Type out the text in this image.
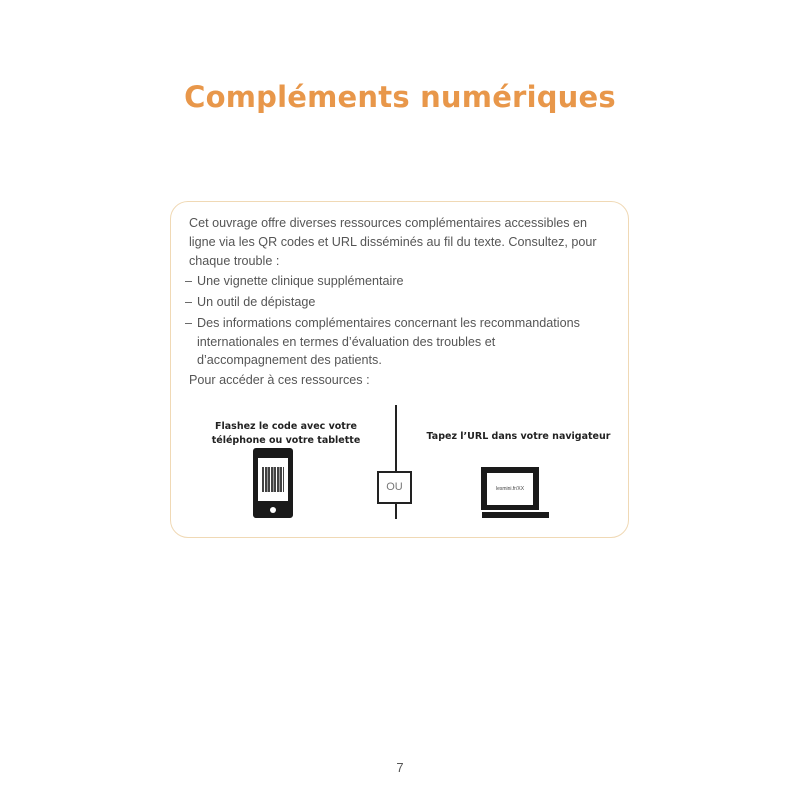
Compléments numériques
Cet ouvrage offre diverses ressources complémentaires accessibles en ligne via les QR codes et URL disséminés au fil du texte. Consultez, pour chaque trouble :
– Une vignette clinique supplémentaire
– Un outil de dépistage
– Des informations complémentaires concernant les recommandations internationales en termes d’évaluation des troubles et d’accompagnement des patients.
Pour accéder à ces ressources :
Flashez le code avec votre téléphone ou votre tablette
OU
Tapez l’URL dans votre navigateur
lesmini.fr/XX
7
